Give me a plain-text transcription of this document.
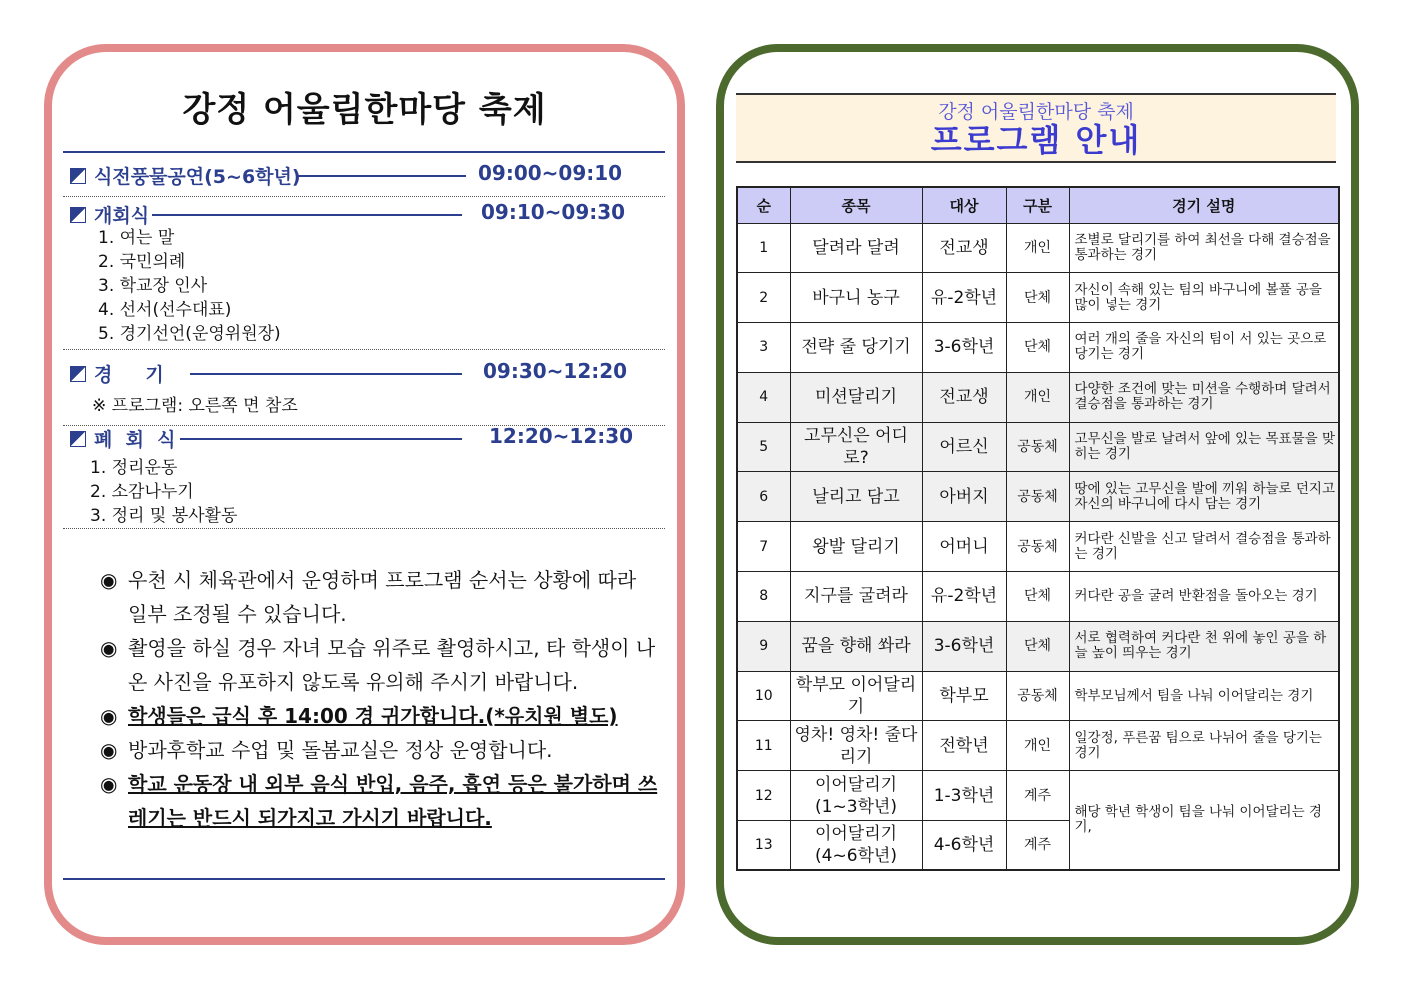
강정 어울림한마당 축제
식전풍물공연(5~6학년)	09:00~09:10
개회식	09:10~09:30
1. 여는 말
2. 국민의례
3. 학교장 인사
4. 선서(선수대표)
5. 경기선언(운영위원장)
경     기	09:30~12:20
※ 프로그램: 오른쪽 면 참조
폐  회  식	12:20~12:30
1. 정리운동
2. 소감나누기
3. 정리 및 봉사활동
◉ 우천 시 체육관에서 운영하며 프로그램 순서는 상황에 따라 일부 조정될 수 있습니다.
◉ 촬영을 하실 경우 자녀 모습 위주로 촬영하시고, 타 학생이 나온 사진을 유포하지 않도록 유의해 주시기 바랍니다.
◉ 학생들은 급식 후 14:00 경 귀가합니다.(*유치원 별도)
◉ 방과후학교 수업 및 돌봄교실은 정상 운영합니다.
◉ 학교 운동장 내 외부 음식 반입, 음주, 흡연 등은 불가하며 쓰레기는 반드시 되가지고 가시기 바랍니다.
강정 어울림한마당 축제
프로그램 안내
순	종목	대상	구분	경기 설명
1	달려라 달려	전교생	개인	조별로 달리기를 하여 최선을 다해 결승점을 통과하는 경기
2	바구니 농구	유-2학년	단체	자신이 속해 있는 팀의 바구니에 볼풀 공을 많이 넣는 경기
3	전략 줄 당기기	3-6학년	단체	여러 개의 줄을 자신의 팀이 서 있는 곳으로 당기는 경기
4	미션달리기	전교생	개인	다양한 조건에 맞는 미션을 수행하며 달려서 결승점을 통과하는 경기
5	고무신은 어디로?	어르신	공동체	고무신을 발로 날려서 앞에 있는 목표물을 맞히는 경기
6	날리고 담고	아버지	공동체	땅에 있는 고무신을 발에 끼워 하늘로 던지고 자신의 바구니에 다시 담는 경기
7	왕발 달리기	어머니	공동체	커다란 신발을 신고 달려서 결승점을 통과하는 경기
8	지구를 굴려라	유-2학년	단체	커다란 공을 굴려 반환점을 돌아오는 경기
9	꿈을 향해 쏴라	3-6학년	단체	서로 협력하여 커다란 천 위에 놓인 공을 하늘 높이 띄우는 경기
10	학부모 이어달리기	학부모	공동체	학부모님께서 팀을 나눠 이어달리는 경기
11	영차! 영차! 줄다리기	전학년	개인	일강정, 푸른꿈 팀으로 나뉘어 줄을 당기는 경기
12	이어달리기 (1~3학년)	1-3학년	계주	해당 학년 학생이 팀을 나눠 이어달리는 경기,
13	이어달리기 (4~6학년)	4-6학년	계주	
